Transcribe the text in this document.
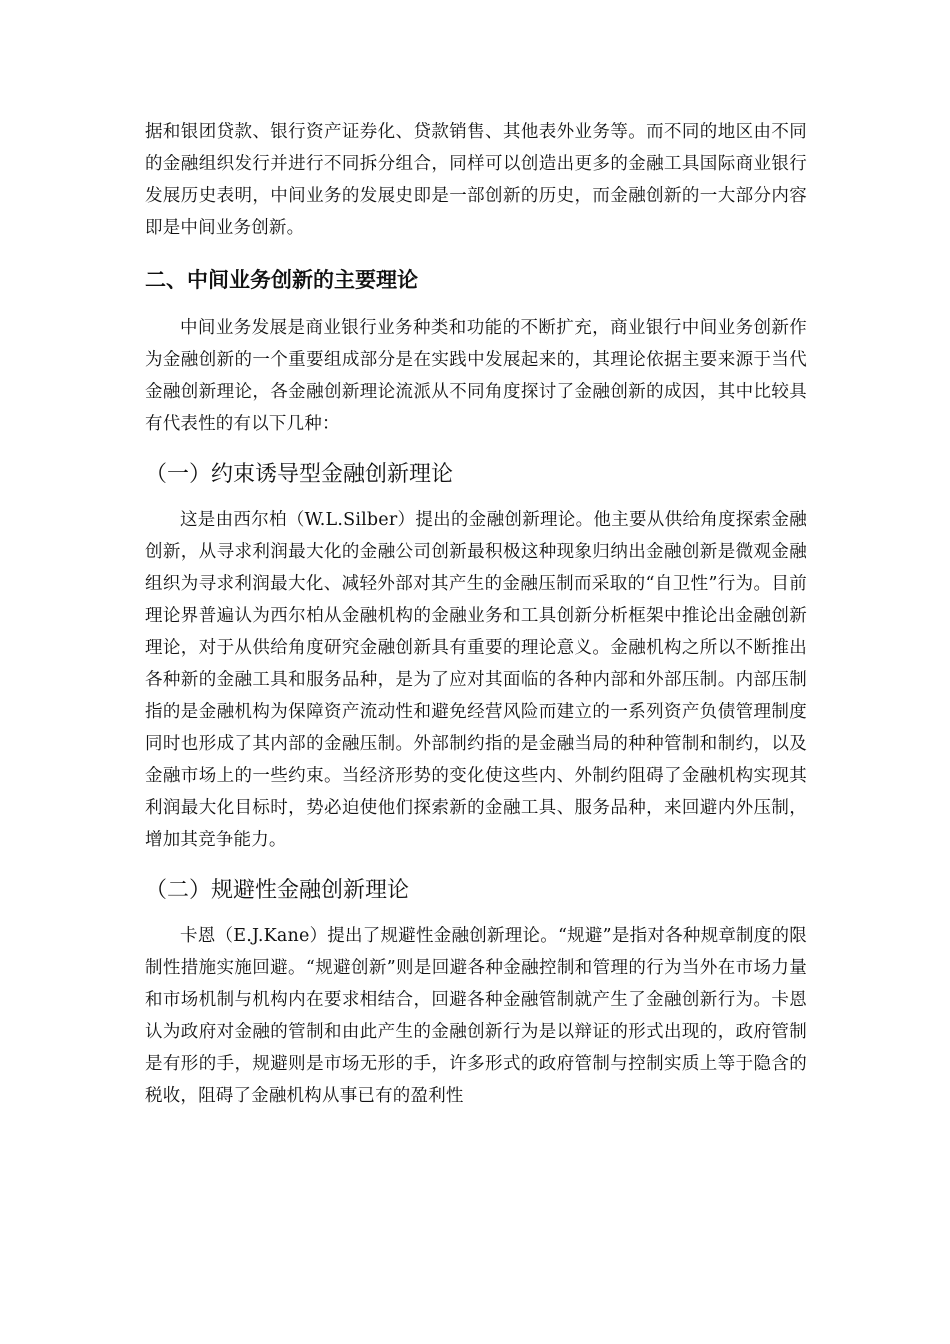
据和银团贷款、银行资产证券化、贷款销售、其他表外业务等。而不同的地区由不同的金融组织发行并进行不同拆分组合，同样可以创造出更多的金融工具国际商业银行发展历史表明，中间业务的发展史即是一部创新的历史，而金融创新的一大部分内容即是中间业务创新。

二、中间业务创新的主要理论

中间业务发展是商业银行业务种类和功能的不断扩充，商业银行中间业务创新作为金融创新的一个重要组成部分是在实践中发展起来的，其理论依据主要来源于当代金融创新理论，各金融创新理论流派从不同角度探讨了金融创新的成因，其中比较具有代表性的有以下几种：

（一）约束诱导型金融创新理论

这是由西尔柏（W.L.Silber）提出的金融创新理论。他主要从供给角度探索金融创新，从寻求利润最大化的金融公司创新最积极这种现象归纳出金融创新是微观金融组织为寻求利润最大化、减轻外部对其产生的金融压制而采取的“自卫性”行为。目前理论界普遍认为西尔柏从金融机构的金融业务和工具创新分析框架中推论出金融创新理论，对于从供给角度研究金融创新具有重要的理论意义。金融机构之所以不断推出各种新的金融工具和服务品种，是为了应对其面临的各种内部和外部压制。内部压制指的是金融机构为保障资产流动性和避免经营风险而建立的一系列资产负债管理制度同时也形成了其内部的金融压制。外部制约指的是金融当局的种种管制和制约，以及金融市场上的一些约束。当经济形势的变化使这些内、外制约阻碍了金融机构实现其利润最大化目标时，势必迫使他们探索新的金融工具、服务品种，来回避内外压制，增加其竞争能力。

（二）规避性金融创新理论

卡恩（E.J.Kane）提出了规避性金融创新理论。“规避”是指对各种规章制度的限制性措施实施回避。“规避创新”则是回避各种金融控制和管理的行为当外在市场力量和市场机制与机构内在要求相结合，回避各种金融管制就产生了金融创新行为。卡恩认为政府对金融的管制和由此产生的金融创新行为是以辩证的形式出现的，政府管制是有形的手，规避则是市场无形的手，许多形式的政府管制与控制实质上等于隐含的税收，阻碍了金融机构从事已有的盈利性
